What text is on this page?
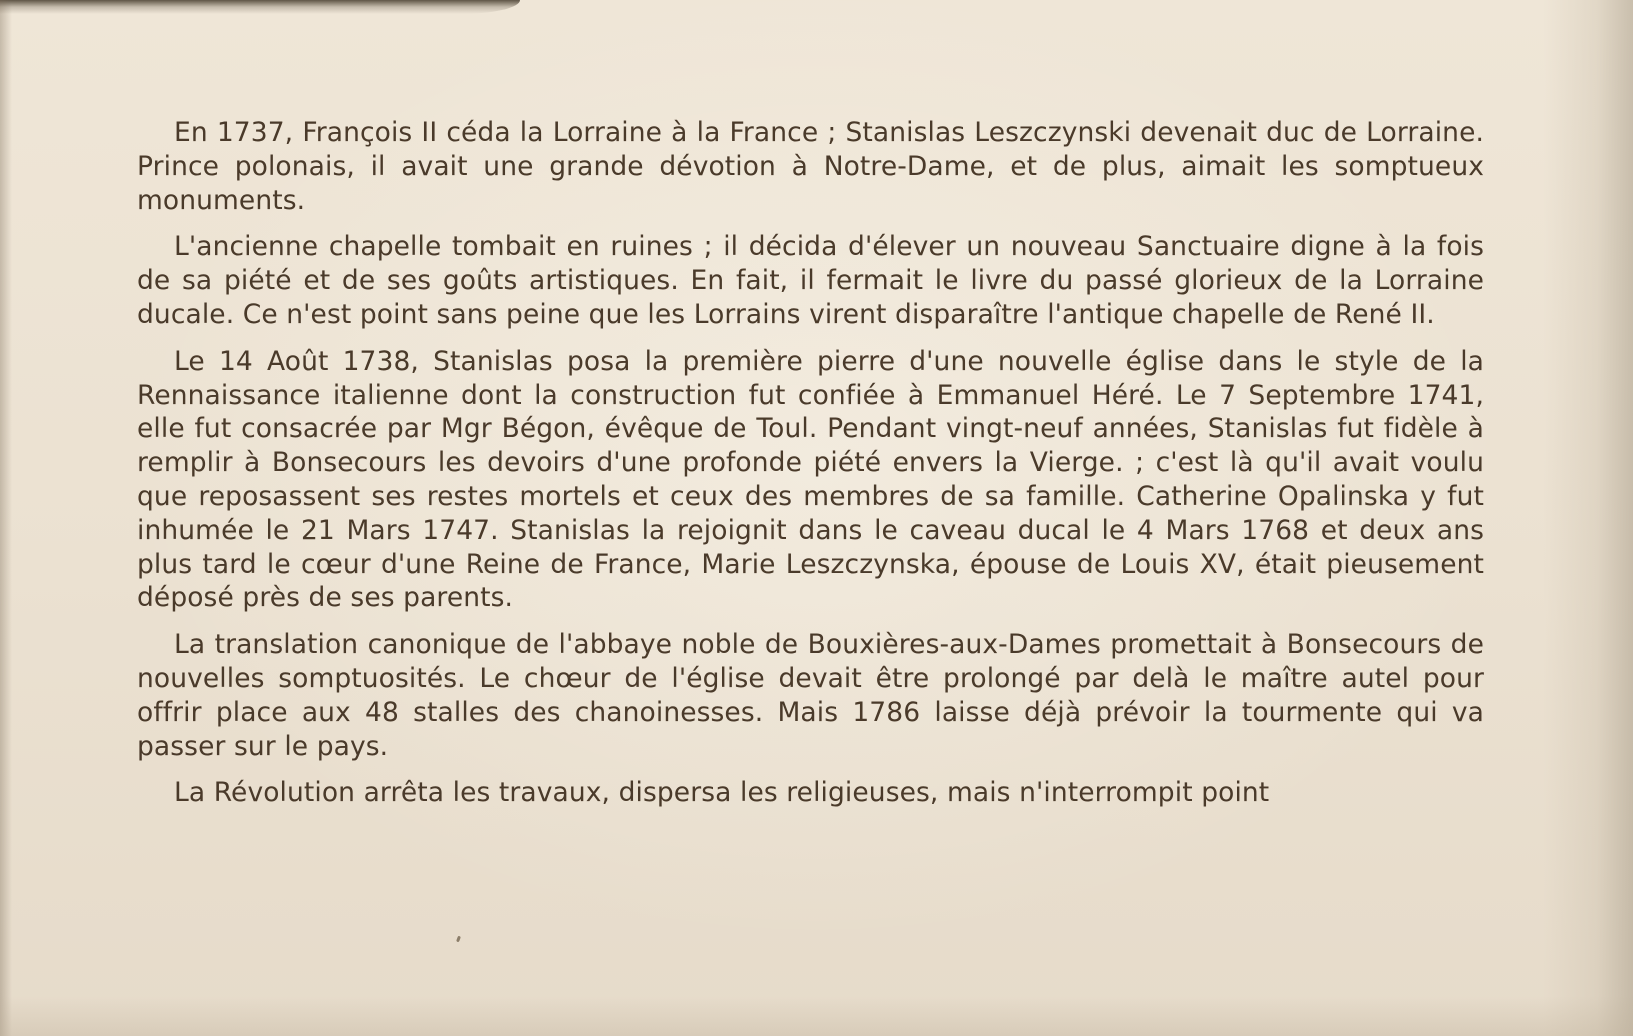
En 1737, François II céda la Lorraine à la France ; Stanislas Leszczynski devenait duc de Lorraine. Prince polonais, il avait une grande dévotion à Notre-Dame, et de plus, aimait les somptueux monuments.

L'ancienne chapelle tombait en ruines ; il décida d'élever un nouveau Sanctuaire digne à la fois de sa piété et de ses goûts artistiques. En fait, il fermait le livre du passé glorieux de la Lorraine ducale. Ce n'est point sans peine que les Lorrains virent disparaître l'antique chapelle de René II.

Le 14 Août 1738, Stanislas posa la première pierre d'une nouvelle église dans le style de la Rennaissance italienne dont la construction fut confiée à Emmanuel Héré. Le 7 Septembre 1741, elle fut consacrée par Mgr Bégon, évêque de Toul. Pendant vingt-neuf années, Stanislas fut fidèle à remplir à Bonsecours les devoirs d'une profonde piété envers la Vierge. ; c'est là qu'il avait voulu que reposassent ses restes mortels et ceux des membres de sa famille. Catherine Opalinska y fut inhumée le 21 Mars 1747. Stanislas la rejoignit dans le caveau ducal le 4 Mars 1768 et deux ans plus tard le cœur d'une Reine de France, Marie Leszczynska, épouse de Louis XV, était pieusement déposé près de ses parents.

La translation canonique de l'abbaye noble de Bouxières-aux-Dames promettait à Bonsecours de nouvelles somptuosités. Le chœur de l'église devait être prolongé par delà le maître autel pour offrir place aux 48 stalles des chanoinesses. Mais 1786 laisse déjà prévoir la tourmente qui va passer sur le pays.

La Révolution arrêta les travaux, dispersa les religieuses, mais n'interrompit point
